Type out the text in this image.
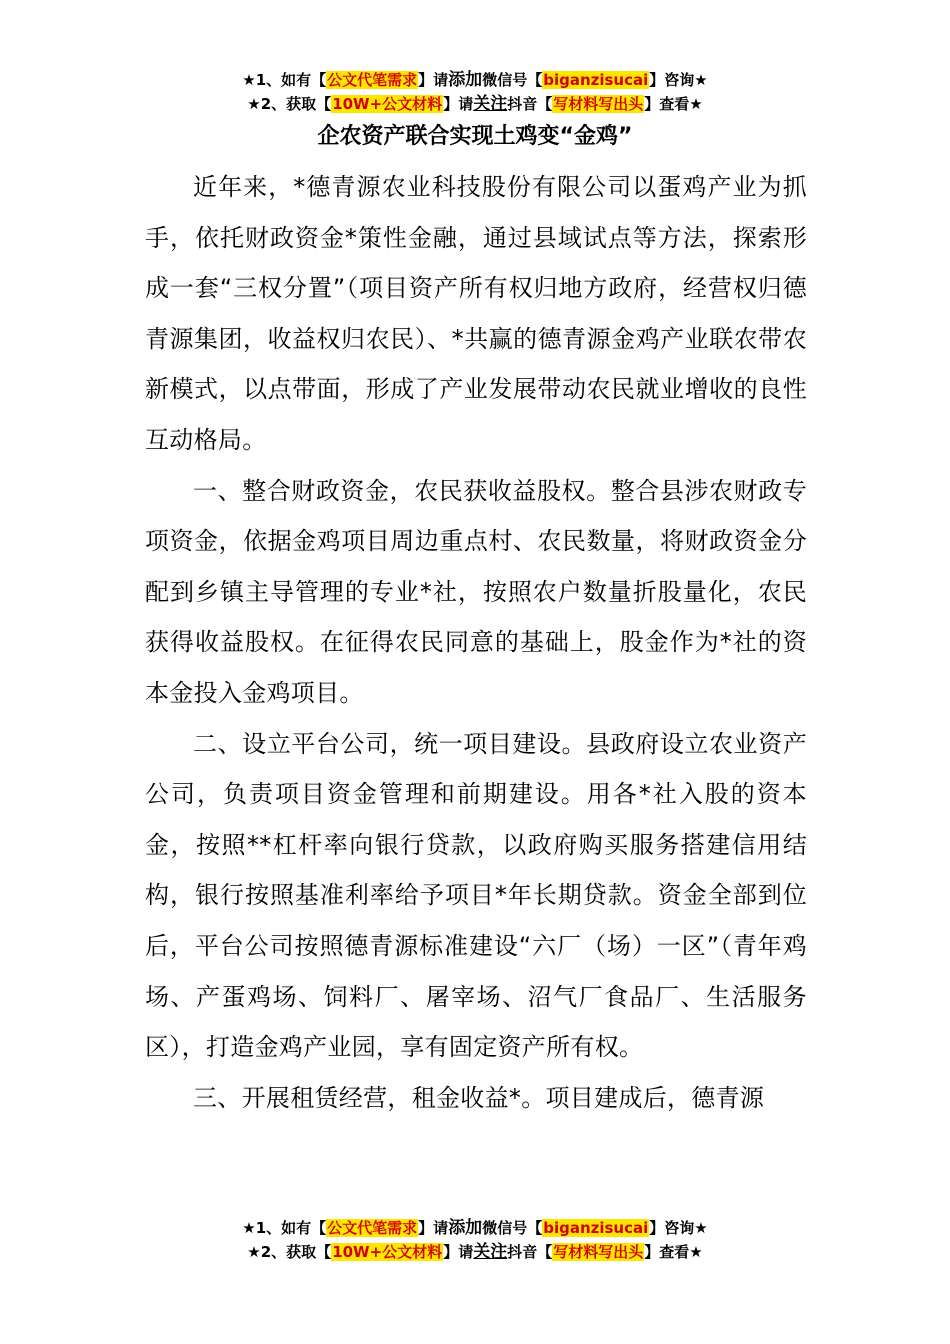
★1、如有【公文代笔需求】请添加微信号【biganzisucai】咨询★
★2、获取【10W+公文材料】请关注抖音【写材料写出头】查看★
企农资产联合实现土鸡变“金鸡”

近年来，*德青源农业科技股份有限公司以蛋鸡产业为抓手，依托财政资金*策性金融，通过县域试点等方法，探索形成一套“三权分置”（项目资产所有权归地方政府，经营权归德青源集团，收益权归农民）、*共赢的德青源金鸡产业联农带农新模式，以点带面，形成了产业发展带动农民就业增收的良性互动格局。

一、整合财政资金，农民获收益股权。整合县涉农财政专项资金，依据金鸡项目周边重点村、农民数量，将财政资金分配到乡镇主导管理的专业*社，按照农户数量折股量化，农民获得收益股权。在征得农民同意的基础上，股金作为*社的资本金投入金鸡项目。

二、设立平台公司，统一项目建设。县政府设立农业资产公司，负责项目资金管理和前期建设。用各*社入股的资本金，按照**杠杆率向银行贷款，以政府购买服务搭建信用结构，银行按照基准利率给予项目*年长期贷款。资金全部到位后，平台公司按照德青源标准建设“六厂（场）一区”（青年鸡场、产蛋鸡场、饲料厂、屠宰场、沼气厂食品厂、生活服务区），打造金鸡产业园，享有固定资产所有权。

三、开展租赁经营，租金收益*。项目建成后，德青源

★1、如有【公文代笔需求】请添加微信号【biganzisucai】咨询★
★2、获取【10W+公文材料】请关注抖音【写材料写出头】查看★
